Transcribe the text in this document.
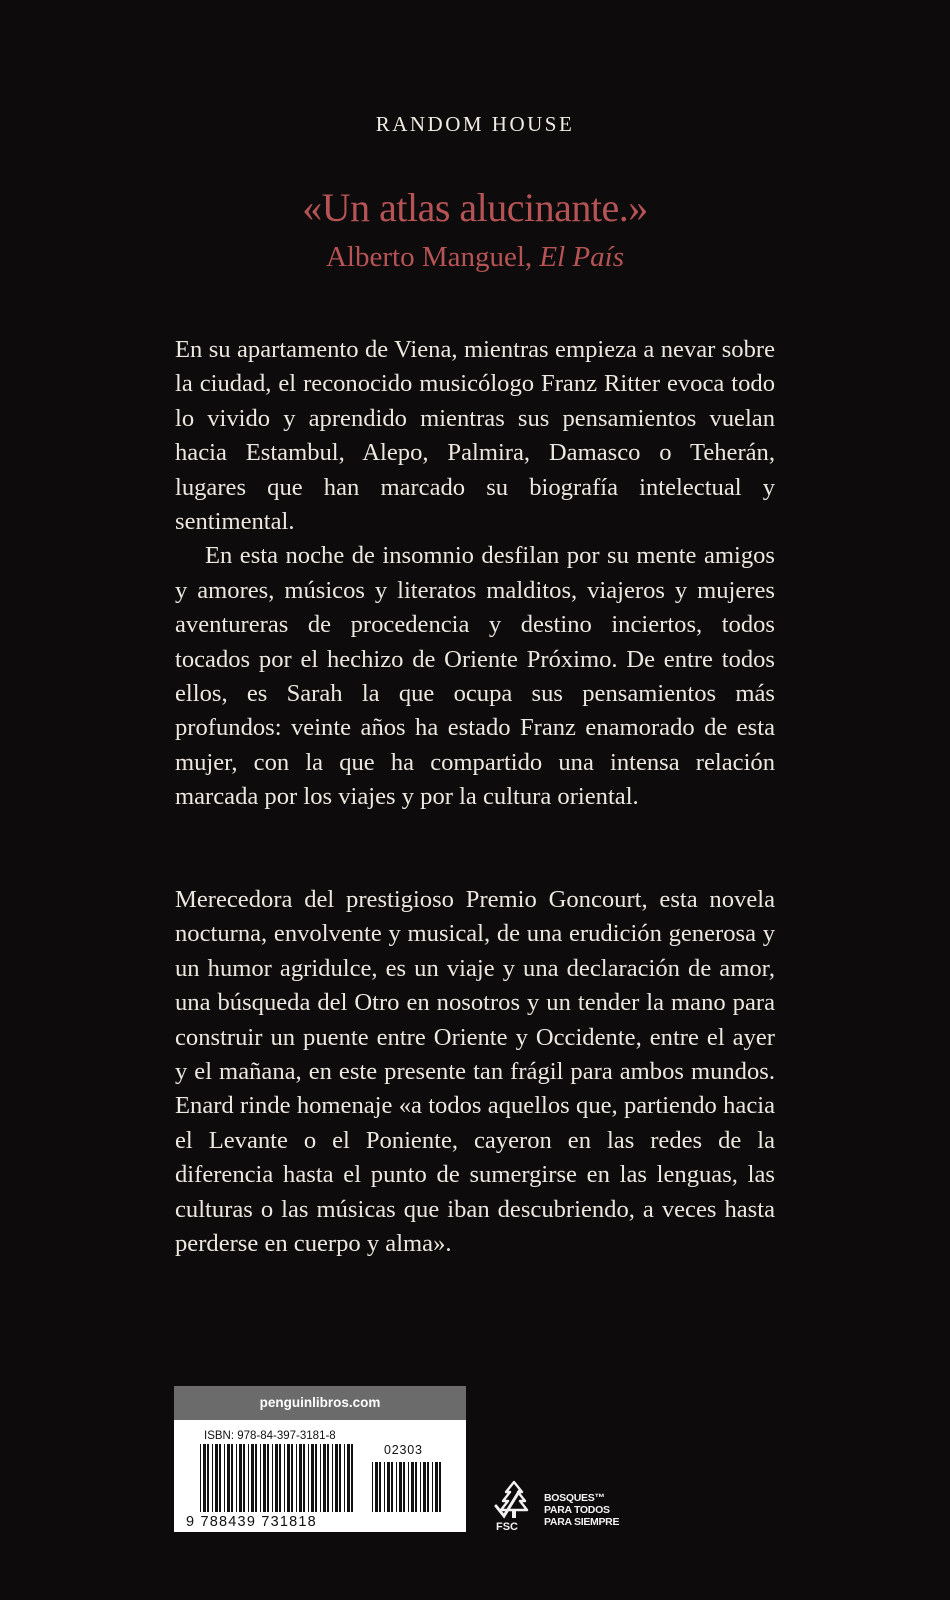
RANDOM HOUSE
«Un atlas alucinante.»
Alberto Manguel, El País

En su apartamento de Viena, mientras empieza a nevar sobre la ciudad, el reconocido musicólogo Franz Ritter evoca todo lo vivido y aprendido mientras sus pensamientos vuelan hacia Estambul, Alepo, Palmira, Damasco o Teherán, lugares que han marcado su biografía intelectual y sentimental.

En esta noche de insomnio desfilan por su mente amigos y amores, músicos y literatos malditos, viajeros y mujeres aventureras de procedencia y destino inciertos, todos tocados por el hechizo de Oriente Próximo. De entre todos ellos, es Sarah la que ocupa sus pensamientos más profundos: veinte años ha estado Franz enamorado de esta mujer, con la que ha compartido una intensa relación marcada por los viajes y por la cultura oriental.

Merecedora del prestigioso Premio Goncourt, esta novela nocturna, envolvente y musical, de una erudición generosa y un humor agridulce, es un viaje y una declaración de amor, una búsqueda del Otro en nosotros y un tender la mano para construir un puente entre Oriente y Occidente, entre el ayer y el mañana, en este presente tan frágil para ambos mundos. Enard rinde homenaje «a todos aquellos que, partiendo hacia el Levante o el Poniente, cayeron en las redes de la diferencia hasta el punto de sumergirse en las lenguas, las culturas o las músicas que iban descubriendo, a veces hasta perderse en cuerpo y alma».

penguinlibros.com
ISBN: 978-84-397-3181-8
9 788439 731818
02303
BOSQUES™
PARA TODOS
PARA SIEMPRE
FSC
